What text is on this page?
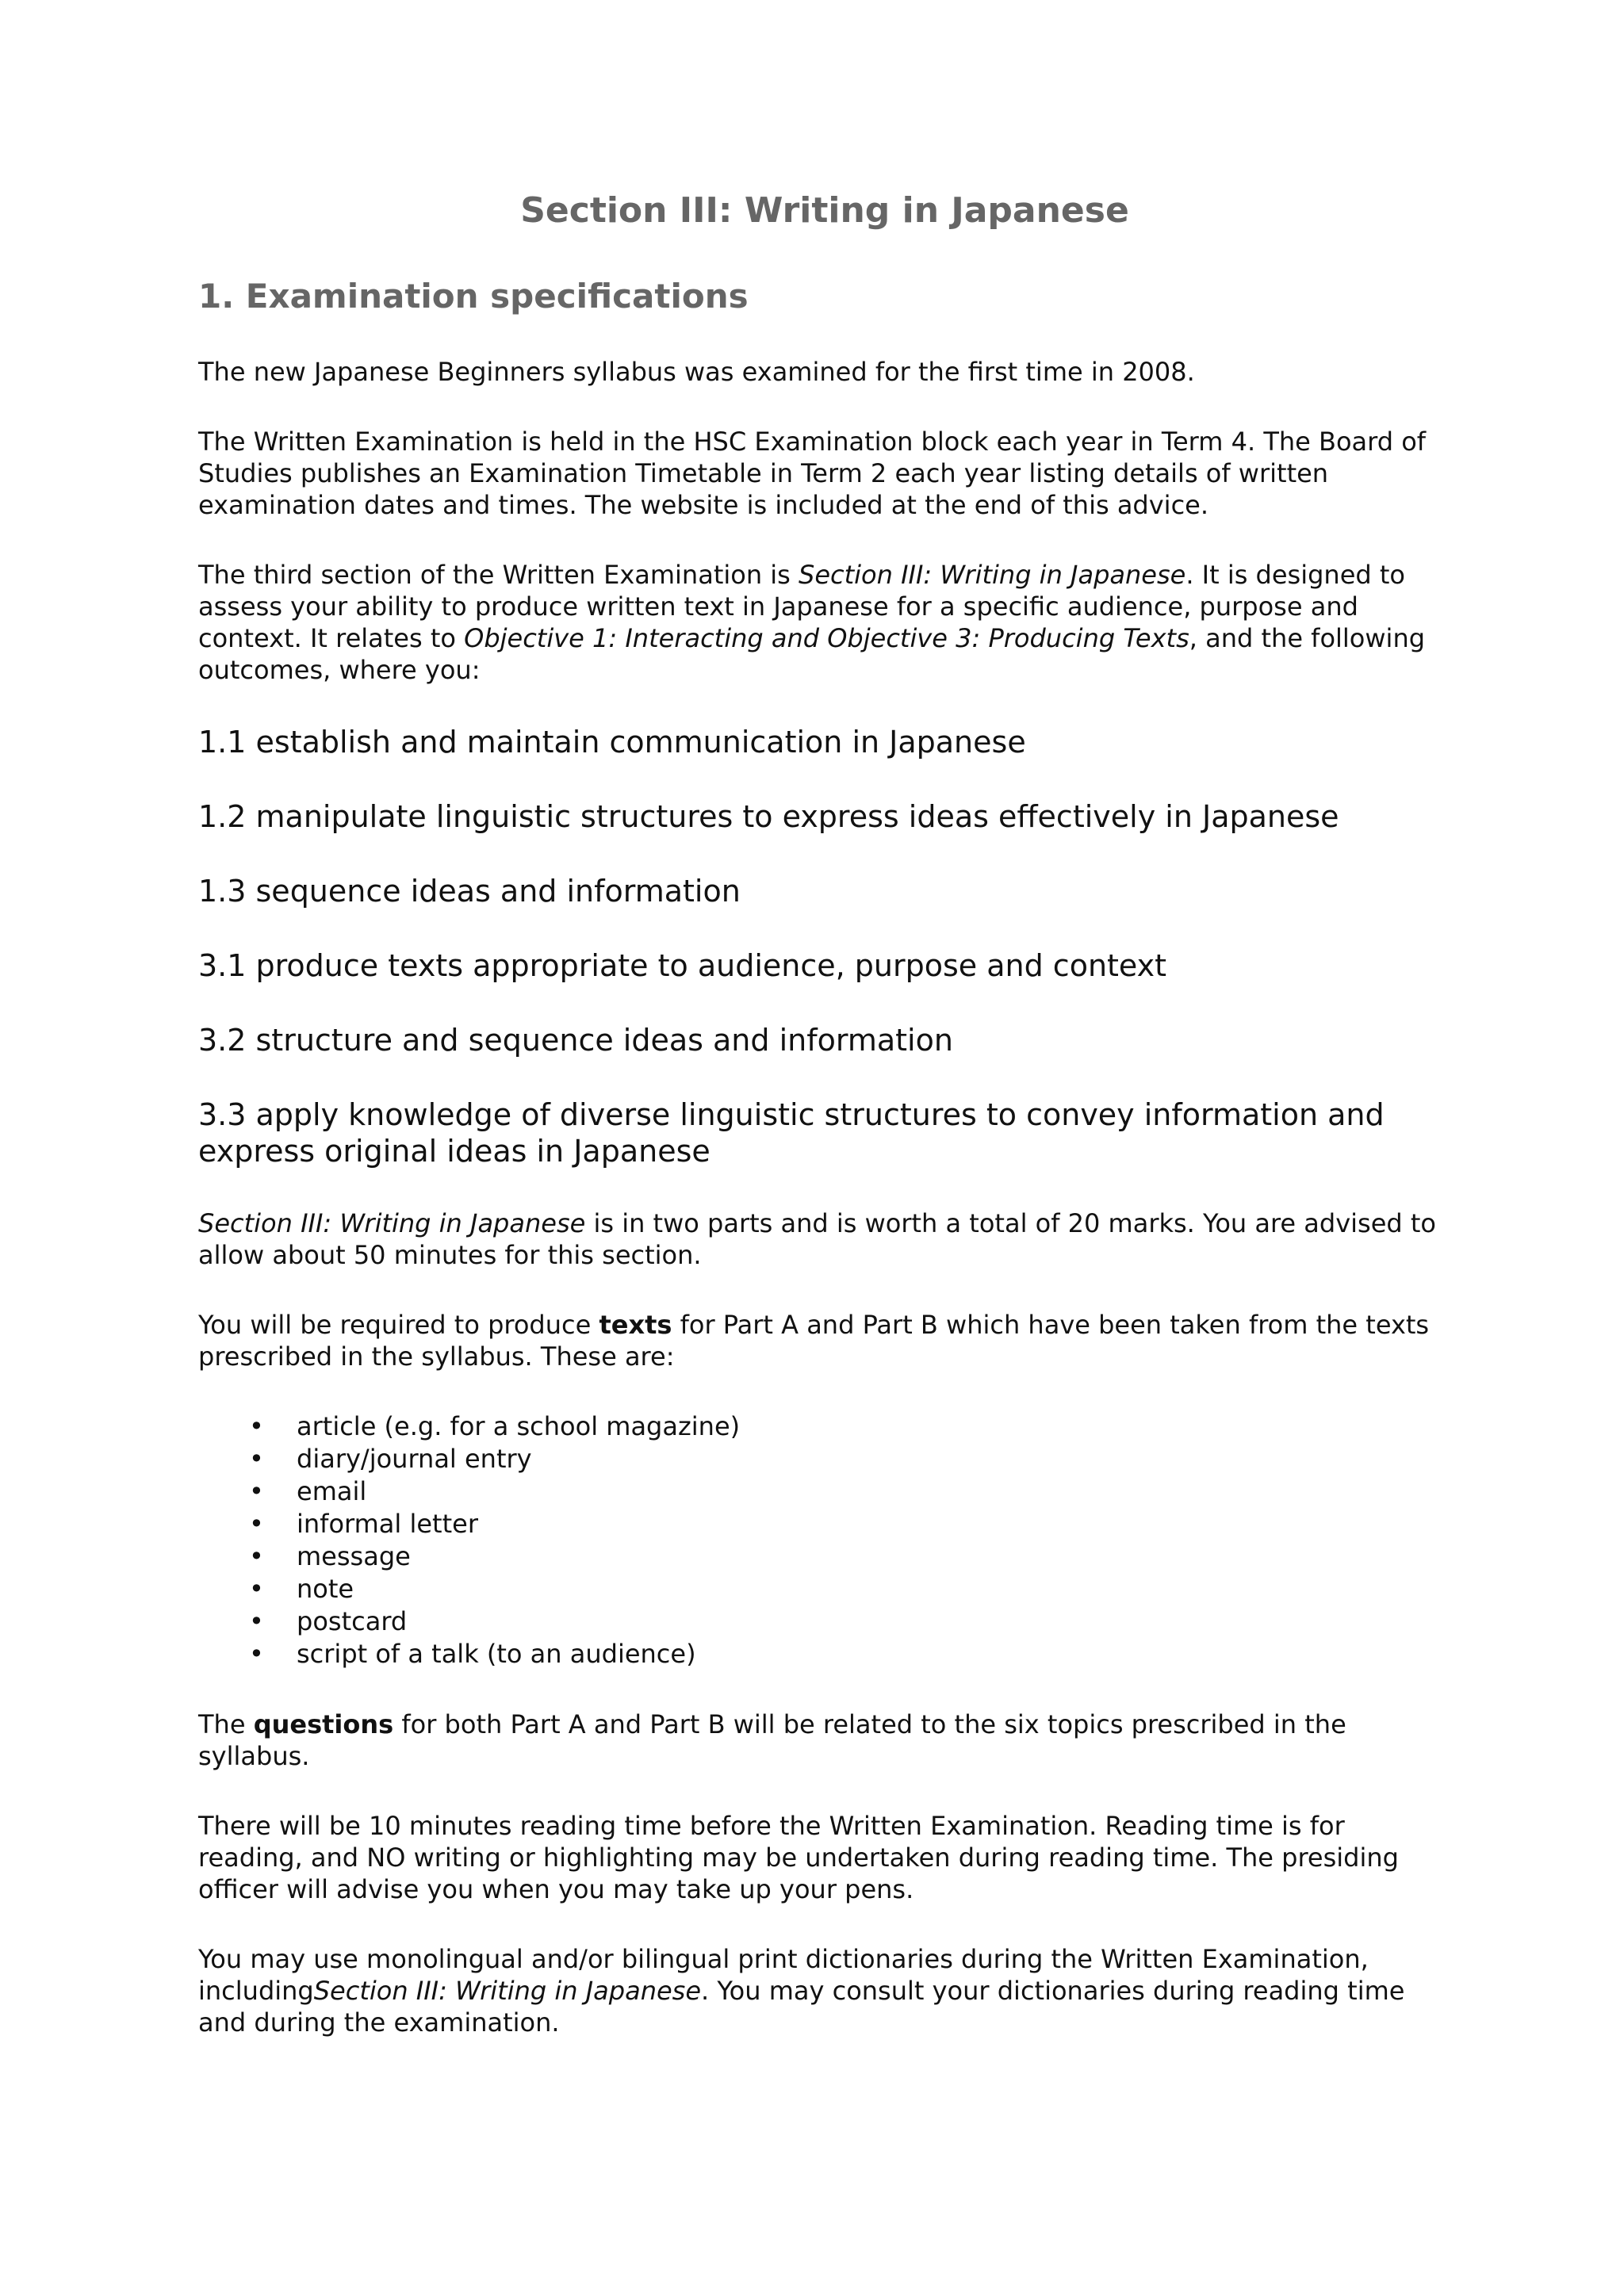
Section III: Writing in Japanese
1. Examination specifications

The new Japanese Beginners syllabus was examined for the first time in 2008.

The Written Examination is held in the HSC Examination block each year in Term 4. The Board of Studies publishes an Examination Timetable in Term 2 each year listing details of written examination dates and times. The website is included at the end of this advice.

The third section of the Written Examination is Section III: Writing in Japanese. It is designed to assess your ability to produce written text in Japanese for a specific audience, purpose and context. It relates to Objective 1: Interacting and Objective 3: Producing Texts, and the following outcomes, where you:

1.1 establish and maintain communication in Japanese

1.2 manipulate linguistic structures to express ideas effectively in Japanese

1.3 sequence ideas and information

3.1 produce texts appropriate to audience, purpose and context

3.2 structure and sequence ideas and information

3.3 apply knowledge of diverse linguistic structures to convey information and express original ideas in Japanese

Section III: Writing in Japanese is in two parts and is worth a total of 20 marks. You are advised to allow about 50 minutes for this section.

You will be required to produce texts for Part A and Part B which have been taken from the texts prescribed in the syllabus. These are:

• article (e.g. for a school magazine)
• diary/journal entry
• email
• informal letter
• message
• note
• postcard
• script of a talk (to an audience)

The questions for both Part A and Part B will be related to the six topics prescribed in the syllabus.

There will be 10 minutes reading time before the Written Examination. Reading time is for reading, and NO writing or highlighting may be undertaken during reading time. The presiding officer will advise you when you may take up your pens.

You may use monolingual and/or bilingual print dictionaries during the Written Examination, includingSection III: Writing in Japanese. You may consult your dictionaries during reading time and during the examination.
